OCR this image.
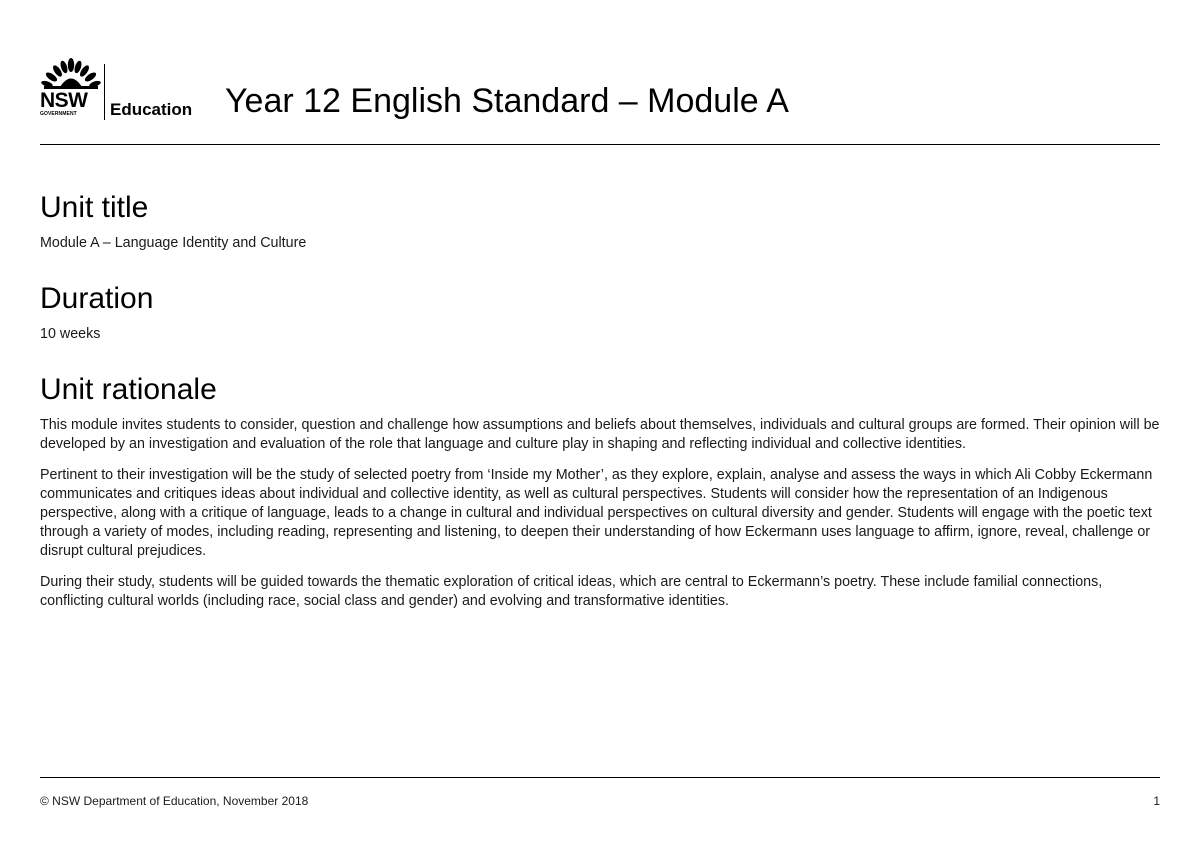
NSW
GOVERNMENT Education Year 12 English Standard – Module A
Unit title

Module A – Language Identity and Culture

Duration

10 weeks

Unit rationale

This module invites students to consider, question and challenge how assumptions and beliefs about themselves, individuals and cultural groups are formed. Their opinion will be developed by an investigation and evaluation of the role that language and culture play in shaping and reflecting individual and collective identities.

Pertinent to their investigation will be the study of selected poetry from ‘Inside my Mother’, as they explore, explain, analyse and assess the ways in which Ali Cobby Eckermann communicates and critiques ideas about individual and collective identity, as well as cultural perspectives. Students will consider how the representation of an Indigenous perspective, along with a critique of language, leads to a change in cultural and individual perspectives on cultural diversity and gender. Students will engage with the poetic text through a variety of modes, including reading, representing and listening, to deepen their understanding of how Eckermann uses language to affirm, ignore, reveal, challenge or disrupt cultural prejudices.

During their study, students will be guided towards the thematic exploration of critical ideas, which are central to Eckermann’s poetry. These include familial connections, conflicting cultural worlds (including race, social class and gender) and evolving and transformative identities.

© NSW Department of Education, November 2018	1
